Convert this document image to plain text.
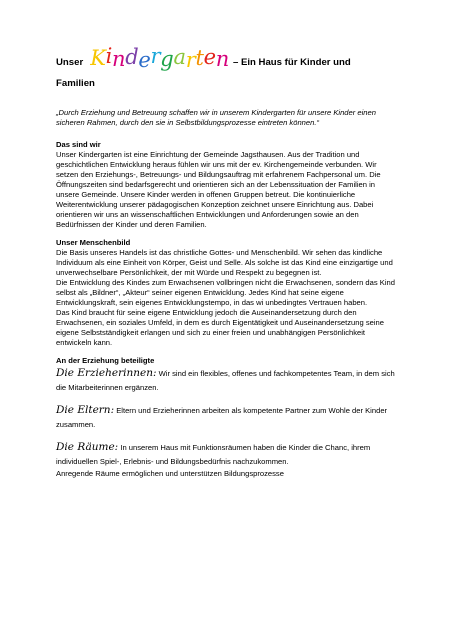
Unser Kindergarten – Ein Haus für Kinder und
Familien

„Durch Erziehung und Betreuung schaffen wir in unserem Kindergarten für unsere Kinder einen sicheren Rahmen, durch den sie in Selbstbildungsprozesse eintreten können.“

Das sind wir

Unser Kindergarten ist eine Einrichtung der Gemeinde Jagsthausen. Aus der Tradition und geschichtlichen Entwicklung heraus fühlen wir uns mit der ev. Kirchengemeinde verbunden. Wir setzen den Erziehungs-, Betreuungs- und Bildungsauftrag mit erfahrenem Fachpersonal um. Die Öffnungszeiten sind bedarfsgerecht und orientieren sich an der Lebenssituation der Familien in unsere Gemeinde. Unsere Kinder werden in offenen Gruppen betreut. Die kontinuierliche Weiterentwicklung unserer pädagogischen Konzeption zeichnet unsere Einrichtung aus. Dabei orientieren wir uns an wissenschaftlichen Entwicklungen und Anforderungen sowie an den Bedürfnissen der Kinder und deren Familien.

Unser Menschenbild

Die Basis unseres Handels ist das christliche Gottes- und Menschenbild. Wir sehen das kindliche Individuum als eine Einheit von Körper, Geist und Selle. Als solche ist das Kind eine einzigartige und unverwechselbare Persönlichkeit, der mit Würde und Respekt zu begegnen ist.

Die Entwicklung des Kindes zum Erwachsenen vollbringen nicht die Erwachsenen, sondern das Kind selbst als „Bildner“, „Akteur“ seiner eigenen Entwicklung. Jedes Kind hat seine eigene Entwicklungskraft, sein eigenes Entwicklungstempo, in das wi unbedingtes Vertrauen haben.

Das Kind braucht für seine eigene Entwicklung jedoch die Auseinandersetzung durch den Erwachsenen, ein soziales Umfeld, in dem es durch Eigentätigkeit und Auseinandersetzung seine eigene Selbstständigkeit erlangen und sich zu einer freien und unabhängigen Persönlichkeit entwickeln kann.

An der Erziehung beteiligte

Die Erzieherinnen: Wir sind ein flexibles, offenes und fachkompetentes Team, in dem sich die Mitarbeiterinnen ergänzen.

Die Eltern: Eltern und Erzieherinnen arbeiten als kompetente Partner zum Wohle der Kinder zusammen.

Die Räume: In unserem Haus mit Funktionsräumen haben die Kinder die Chanc, ihrem individuellen Spiel-, Erlebnis- und Bildungsbedürfnis nachzukommen.

Anregende Räume ermöglichen und unterstützen Bildungsprozesse
